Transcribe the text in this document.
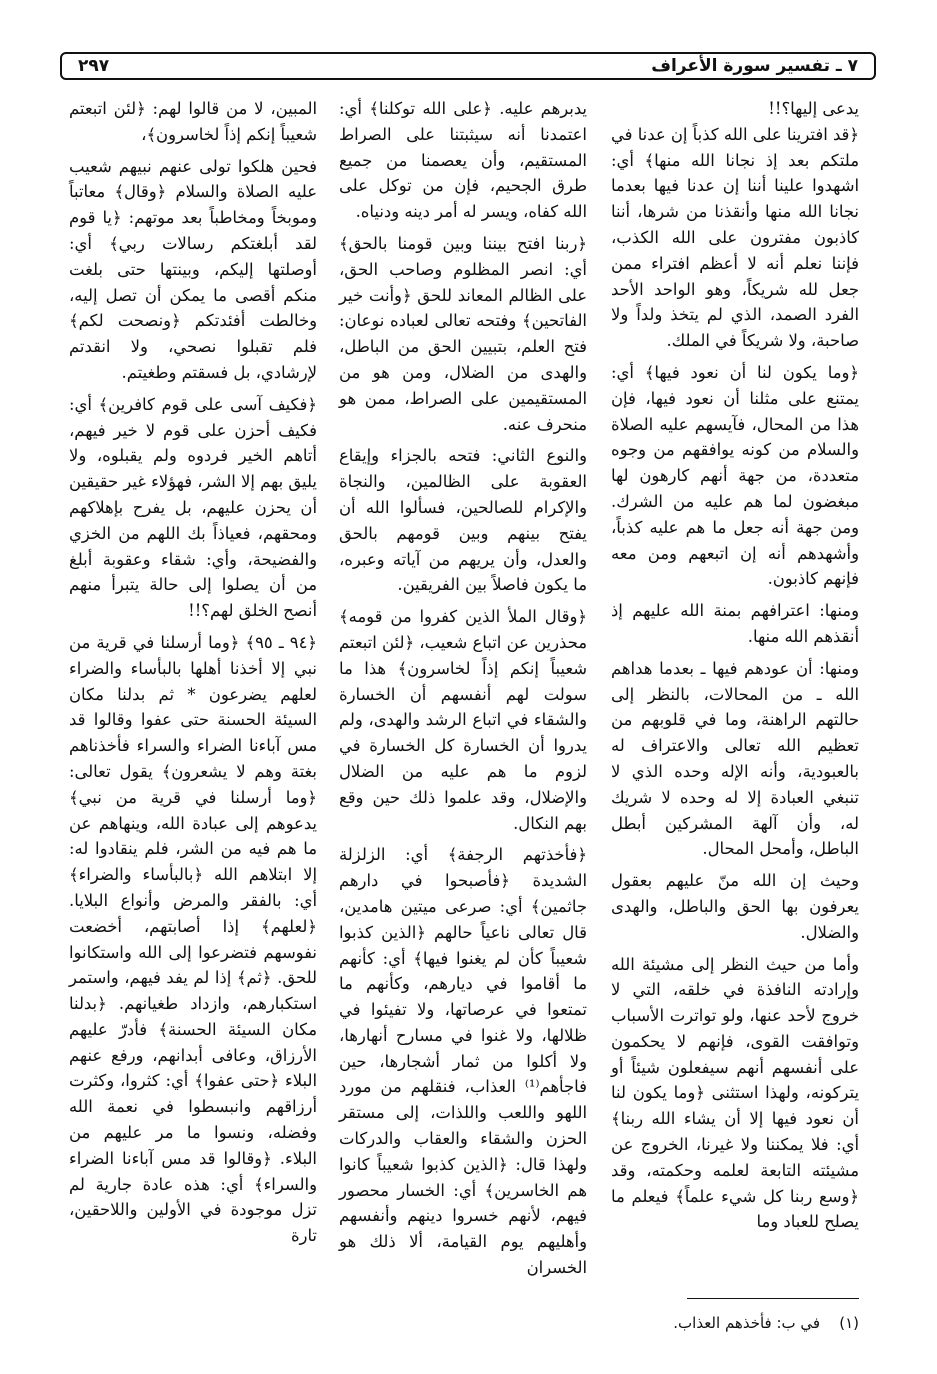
٧ ـ تفسير سورة الأعراف
٢٩٧

يدعى إليها؟!!

﴿قد افترينا على الله كذباً إن عدنا في ملتكم بعد إذ نجانا الله منها﴾ أي: اشهدوا علينا أننا إن عدنا فيها بعدما نجانا الله منها وأنقذنا من شرها، أننا كاذبون مفترون على الله الكذب، فإننا نعلم أنه لا أعظم افتراء ممن جعل لله شريكاً، وهو الواحد الأحد الفرد الصمد، الذي لم يتخذ ولداً ولا صاحبة، ولا شريكاً في الملك.

﴿وما يكون لنا أن نعود فيها﴾ أي: يمتنع على مثلنا أن نعود فيها، فإن هذا من المحال، فآيسهم عليه الصلاة والسلام من كونه يوافقهم من وجوه متعددة، من جهة أنهم كارهون لها مبغضون لما هم عليه من الشرك. ومن جهة أنه جعل ما هم عليه كذباً، وأشهدهم أنه إن اتبعهم ومن معه فإنهم كاذبون.

ومنها: اعترافهم بمنة الله عليهم إذ أنقذهم الله منها.

ومنها: أن عودهم فيها ـ بعدما هداهم الله ـ من المحالات، بالنظر إلى حالتهم الراهنة، وما في قلوبهم من تعظيم الله تعالى والاعتراف له بالعبودية، وأنه الإله وحده الذي لا تنبغي العبادة إلا له وحده لا شريك له، وأن آلهة المشركين أبطل الباطل، وأمحل المحال.

وحيث إن الله منّ عليهم بعقول يعرفون بها الحق والباطل، والهدى والضلال.

وأما من حيث النظر إلى مشيئة الله وإرادته النافذة في خلقه، التي لا خروج لأحد عنها، ولو تواترت الأسباب وتوافقت القوى، فإنهم لا يحكمون على أنفسهم أنهم سيفعلون شيئاً أو يتركونه، ولهذا استثنى ﴿وما يكون لنا أن نعود فيها إلا أن يشاء الله ربنا﴾ أي: فلا يمكننا ولا غيرنا، الخروج عن مشيئته التابعة لعلمه وحكمته، وقد ﴿وسع ربنا كل شيء علماً﴾ فيعلم ما يصلح للعباد وما

يدبرهم عليه. ﴿على الله توكلنا﴾ أي: اعتمدنا أنه سيثبتنا على الصراط المستقيم، وأن يعصمنا من جميع طرق الجحيم، فإن من توكل على الله كفاه، ويسر له أمر دينه ودنياه.

﴿ربنا افتح بيننا وبين قومنا بالحق﴾ أي: انصر المظلوم وصاحب الحق، على الظالم المعاند للحق ﴿وأنت خير الفاتحين﴾ وفتحه تعالى لعباده نوعان: فتح العلم، بتبيين الحق من الباطل، والهدى من الضلال، ومن هو من المستقيمين على الصراط، ممن هو منحرف عنه.

والنوع الثاني: فتحه بالجزاء وإيقاع العقوبة على الظالمين، والنجاة والإكرام للصالحين، فسألوا الله أن يفتح بينهم وبين قومهم بالحق والعدل، وأن يريهم من آياته وعبره، ما يكون فاصلاً بين الفريقين.

﴿وقال الملأ الذين كفروا من قومه﴾ محذرين عن اتباع شعيب، ﴿لئن اتبعتم شعيباً إنكم إذاً لخاسرون﴾ هذا ما سولت لهم أنفسهم أن الخسارة والشقاء في اتباع الرشد والهدى، ولم يدروا أن الخسارة كل الخسارة في لزوم ما هم عليه من الضلال والإضلال، وقد علموا ذلك حين وقع بهم النكال.

﴿فأخذتهم الرجفة﴾ أي: الزلزلة الشديدة ﴿فأصبحوا في دارهم جاثمين﴾ أي: صرعى ميتين هامدين، قال تعالى ناعياً حالهم ﴿الذين كذبوا شعيباً كأن لم يغنوا فيها﴾ أي: كأنهم ما أقاموا في ديارهم، وكأنهم ما تمتعوا في عرصاتها، ولا تفيئوا في ظلالها، ولا غنوا في مسارح أنهارها، ولا أكلوا من ثمار أشجارها، حين فاجأهم⁽¹⁾ العذاب، فنقلهم من مورد اللهو واللعب واللذات، إلى مستقر الحزن والشقاء والعقاب والدركات ولهذا قال: ﴿الذين كذبوا شعيباً كانوا هم الخاسرين﴾ أي: الخسار محصور فيهم، لأنهم خسروا دينهم وأنفسهم وأهليهم يوم القيامة، ألا ذلك هو الخسران

المبين، لا من قالوا لهم: ﴿لئن اتبعتم شعيباً إنكم إذاً لخاسرون﴾،

فحين هلكوا تولى عنهم نبيهم شعيب عليه الصلاة والسلام ﴿وقال﴾ معاتباً وموبخاً ومخاطباً بعد موتهم: ﴿يا قوم لقد أبلغتكم رسالات ربي﴾ أي: أوصلتها إليكم، وبينتها حتى بلغت منكم أقصى ما يمكن أن تصل إليه، وخالطت أفئدتكم ﴿ونصحت لكم﴾ فلم تقبلوا نصحي، ولا انقدتم لإرشادي، بل فسقتم وطغيتم.

﴿فكيف آسى على قوم كافرين﴾ أي: فكيف أحزن على قوم لا خير فيهم، أتاهم الخير فردوه ولم يقبلوه، ولا يليق بهم إلا الشر، فهؤلاء غير حقيقين أن يحزن عليهم، بل يفرح بإهلاكهم ومحقهم، فعياذاً بك اللهم من الخزي والفضيحة، وأي: شقاء وعقوبة أبلغ من أن يصلوا إلى حالة يتبرأ منهم أنصح الخلق لهم؟!!

﴿٩٤ ـ ٩٥﴾ ﴿وما أرسلنا في قرية من نبي إلا أخذنا أهلها بالبأساء والضراء لعلهم يضرعون * ثم بدلنا مكان السيئة الحسنة حتى عفوا وقالوا قد مس آباءنا الضراء والسراء فأخذناهم بغتة وهم لا يشعرون﴾ يقول تعالى: ﴿وما أرسلنا في قرية من نبي﴾ يدعوهم إلى عبادة الله، وينهاهم عن ما هم فيه من الشر، فلم ينقادوا له: إلا ابتلاهم الله ﴿بالبأساء والضراء﴾ أي: بالفقر والمرض وأنواع البلايا. ﴿لعلهم﴾ إذا أصابتهم، أخضعت نفوسهم فتضرعوا إلى الله واستكانوا للحق. ﴿ثم﴾ إذا لم يفد فيهم، واستمر استكبارهم، وازداد طغيانهم. ﴿بدلنا مكان السيئة الحسنة﴾ فأدرّ عليهم الأرزاق، وعافى أبدانهم، ورفع عنهم البلاء ﴿حتى عفوا﴾ أي: كثروا، وكثرت أرزاقهم وانبسطوا في نعمة الله وفضله، ونسوا ما مر عليهم من البلاء. ﴿وقالوا قد مس آباءنا الضراء والسراء﴾ أي: هذه عادة جارية لم تزل موجودة في الأولين واللاحقين، تارة

(١)    في ب: فأخذهم العذاب.
